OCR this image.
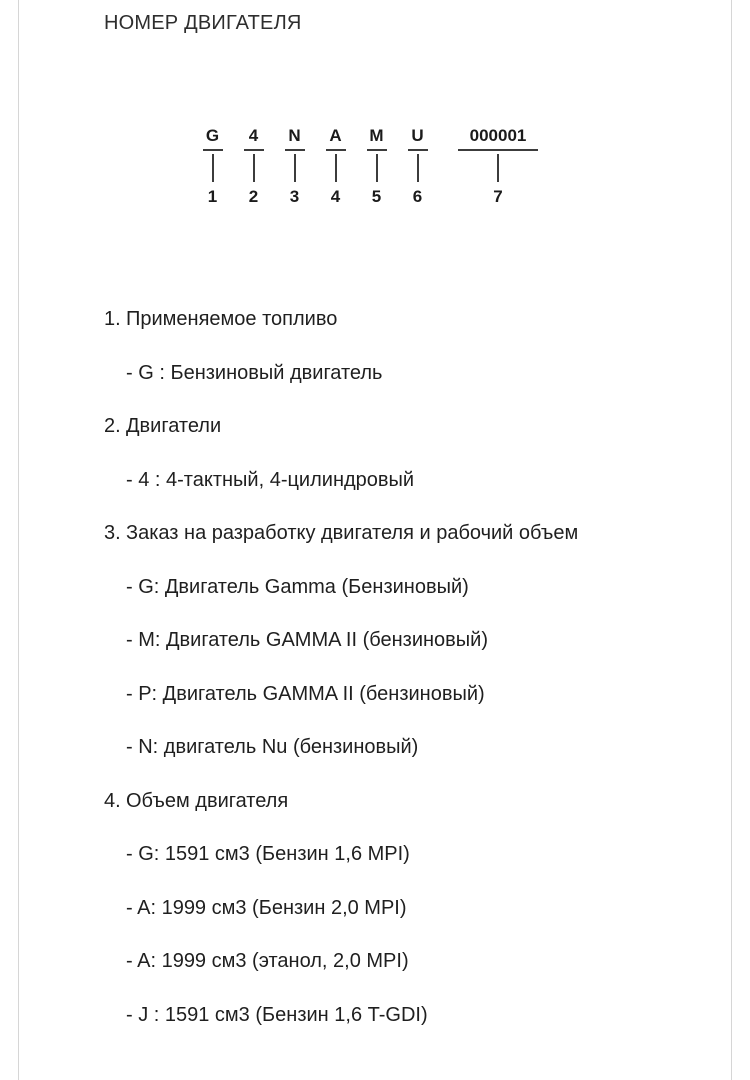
НОМЕР ДВИГАТЕЛЯ
G
1
4
2
N
3
A
4
M
5
U
6
000001
7
1. Применяемое топливо
- G : Бензиновый двигатель
2. Двигатели
- 4 : 4-тактный, 4-цилиндровый
3. Заказ на разработку двигателя и рабочий объем
- G: Двигатель Gamma (Бензиновый)
- M: Двигатель GAMMA II (бензиновый)
- P: Двигатель GAMMA II (бензиновый)
- N: двигатель Nu (бензиновый)
4. Объем двигателя
- G: 1591 см3 (Бензин 1,6 MPI)
- A: 1999 см3 (Бензин 2,0 MPI)
- A: 1999 см3 (этанол, 2,0 MPI)
- J : 1591 см3 (Бензин 1,6 T-GDI)
